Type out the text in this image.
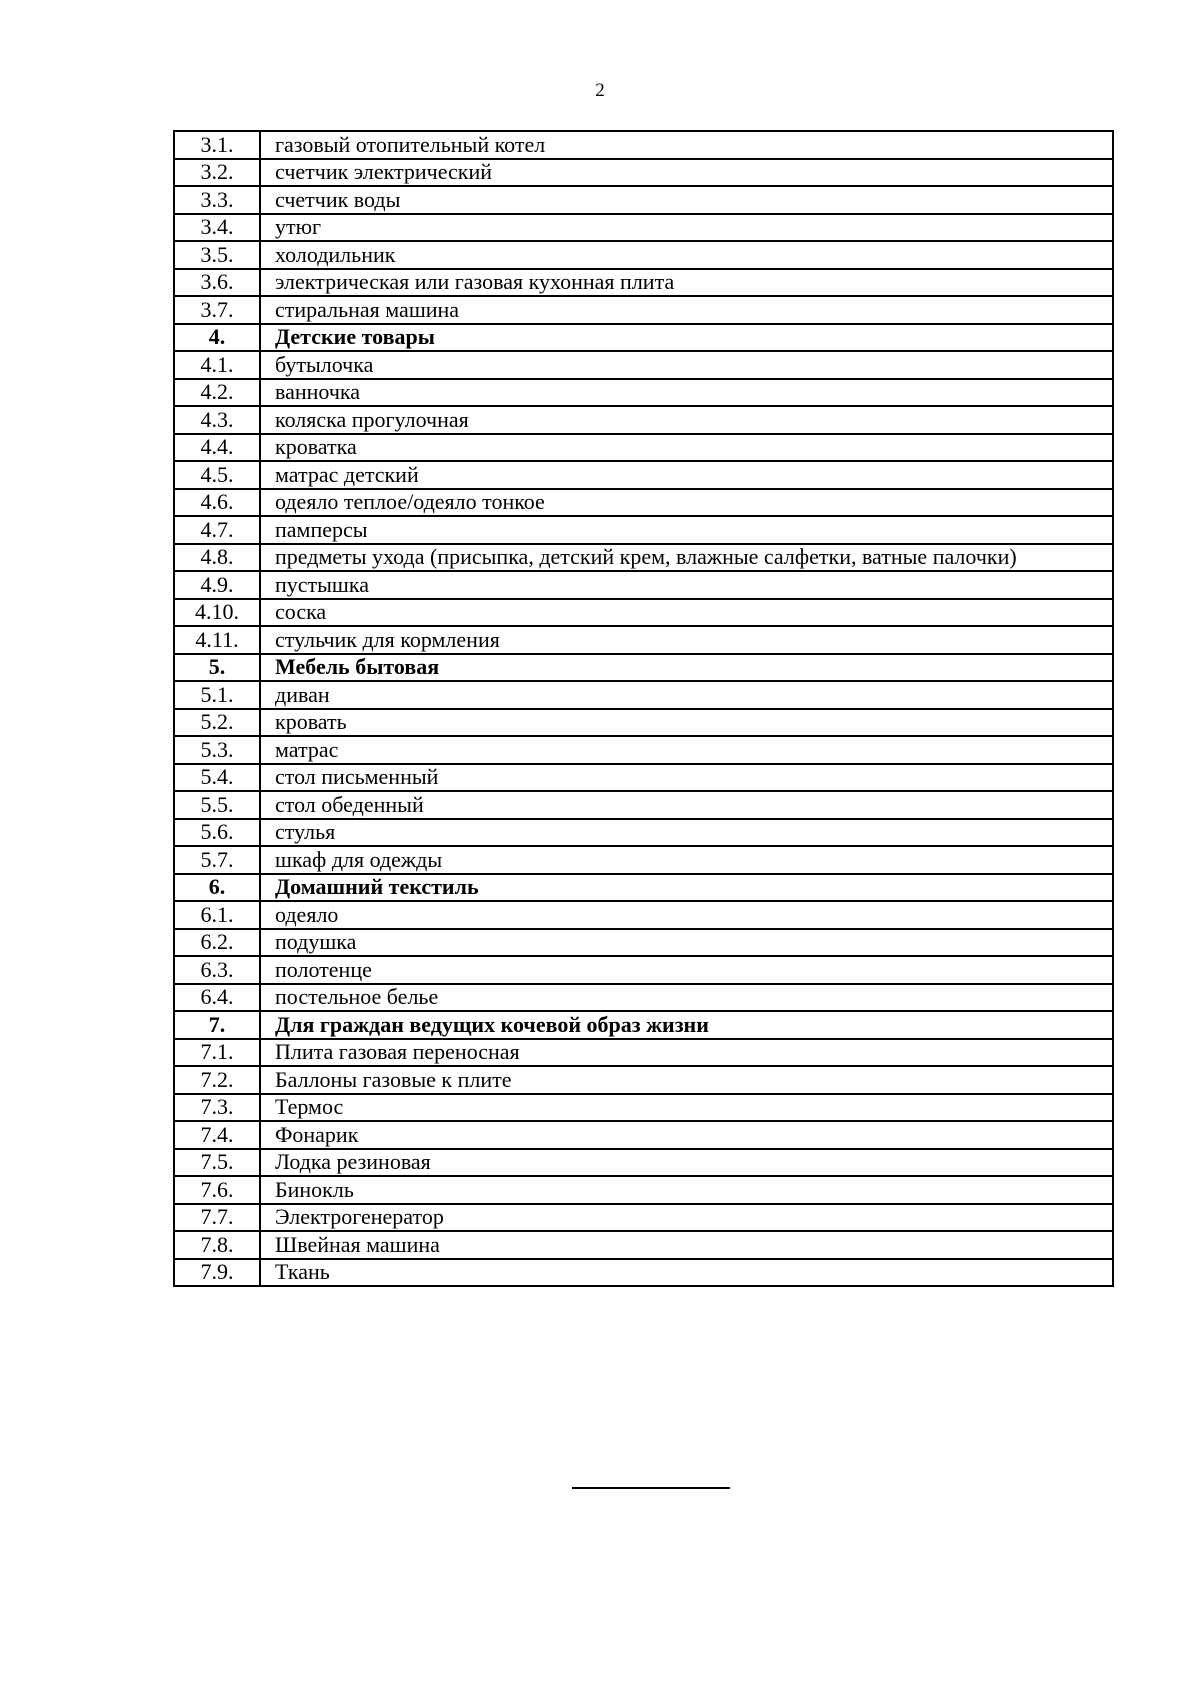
2
3.1.	газовый отопительный котел
3.2.	счетчик электрический
3.3.	счетчик воды
3.4.	утюг
3.5.	холодильник
3.6.	электрическая или газовая кухонная плита
3.7.	стиральная машина
4.	Детские товары
4.1.	бутылочка
4.2.	ванночка
4.3.	коляска прогулочная
4.4.	кроватка
4.5.	матрас детский
4.6.	одеяло теплое/одеяло тонкое
4.7.	памперсы
4.8.	предметы ухода (присыпка, детский крем, влажные салфетки, ватные палочки)
4.9.	пустышка
4.10.	соска
4.11.	стульчик для кормления
5.	Мебель бытовая
5.1.	диван
5.2.	кровать
5.3.	матрас
5.4.	стол письменный
5.5.	стол обеденный
5.6.	стулья
5.7.	шкаф для одежды
6.	Домашний текстиль
6.1.	одеяло
6.2.	подушка
6.3.	полотенце
6.4.	постельное белье
7.	Для граждан ведущих кочевой образ жизни
7.1.	Плита газовая переносная
7.2.	Баллоны газовые к плите
7.3.	Термос
7.4.	Фонарик
7.5.	Лодка резиновая
7.6.	Бинокль
7.7.	Электрогенератор
7.8.	Швейная машина
7.9.	Ткань
